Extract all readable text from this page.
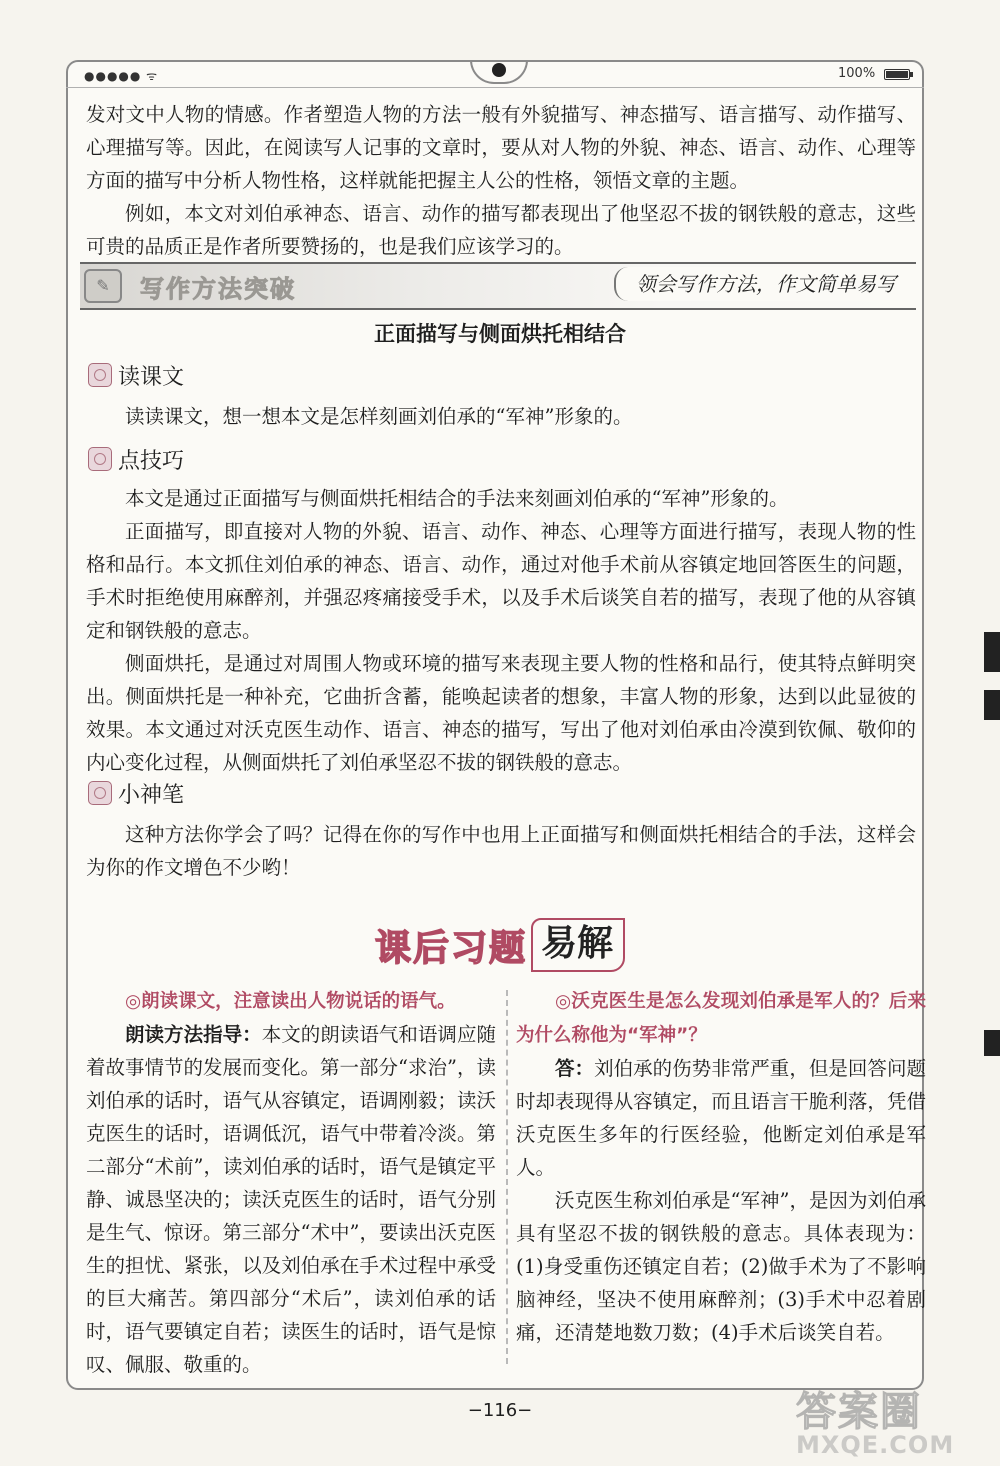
●●●●● ᯤ	100%

发对文中人物的情感。作者塑造人物的方法一般有外貌描写、神态描写、语言描写、动作描写、心理描写等。因此，在阅读写人记事的文章时，要从对人物的外貌、神态、语言、动作、心理等方面的描写中分析人物性格，这样就能把握主人公的性格，领悟文章的主题。

例如，本文对刘伯承神态、语言、动作的描写都表现出了他坚忍不拔的钢铁般的意志，这些可贵的品质正是作者所要赞扬的，也是我们应该学习的。

✎	写作方法突破	领会写作方法，作文简单易写
正面描写与侧面烘托相结合
读课文

读读课文，想一想本文是怎样刻画刘伯承的“军神”形象的。

点技巧

本文是通过正面描写与侧面烘托相结合的手法来刻画刘伯承的“军神”形象的。

正面描写，即直接对人物的外貌、语言、动作、神态、心理等方面进行描写，表现人物的性格和品行。本文抓住刘伯承的神态、语言、动作，通过对他手术前从容镇定地回答医生的问题，手术时拒绝使用麻醉剂，并强忍疼痛接受手术，以及手术后谈笑自若的描写，表现了他的从容镇定和钢铁般的意志。

侧面烘托，是通过对周围人物或环境的描写来表现主要人物的性格和品行，使其特点鲜明突出。侧面烘托是一种补充，它曲折含蓄，能唤起读者的想象，丰富人物的形象，达到以此显彼的效果。本文通过对沃克医生动作、语言、神态的描写，写出了他对刘伯承由冷漠到钦佩、敬仰的内心变化过程，从侧面烘托了刘伯承坚忍不拔的钢铁般的意志。

小神笔

这种方法你学会了吗？记得在你的写作中也用上正面描写和侧面烘托相结合的手法，这样会为你的作文增色不少哟！

课后习题 易解

◎朗读课文，注意读出人物说话的语气。

朗读方法指导：本文的朗读语气和语调应随着故事情节的发展而变化。第一部分“求治”，读刘伯承的话时，语气从容镇定，语调刚毅；读沃克医生的话时，语调低沉，语气中带着冷淡。第二部分“术前”，读刘伯承的话时，语气是镇定平静、诚恳坚决的；读沃克医生的话时，语气分别是生气、惊讶。第三部分“术中”，要读出沃克医生的担忧、紧张，以及刘伯承在手术过程中承受的巨大痛苦。第四部分“术后”，读刘伯承的话时，语气要镇定自若；读医生的话时，语气是惊叹、佩服、敬重的。

◎沃克医生是怎么发现刘伯承是军人的？后来为什么称他为“军神”？

答：刘伯承的伤势非常严重，但是回答问题时却表现得从容镇定，而且语言干脆利落，凭借沃克医生多年的行医经验，他断定刘伯承是军人。

沃克医生称刘伯承是“军神”，是因为刘伯承具有坚忍不拔的钢铁般的意志。具体表现为：(1)身受重伤还镇定自若；(2)做手术为了不影响脑神经，坚决不使用麻醉剂；(3)手术中忍着剧痛，还清楚地数刀数；(4)手术后谈笑自若。

−116−	答案圈
MXQE.COM
